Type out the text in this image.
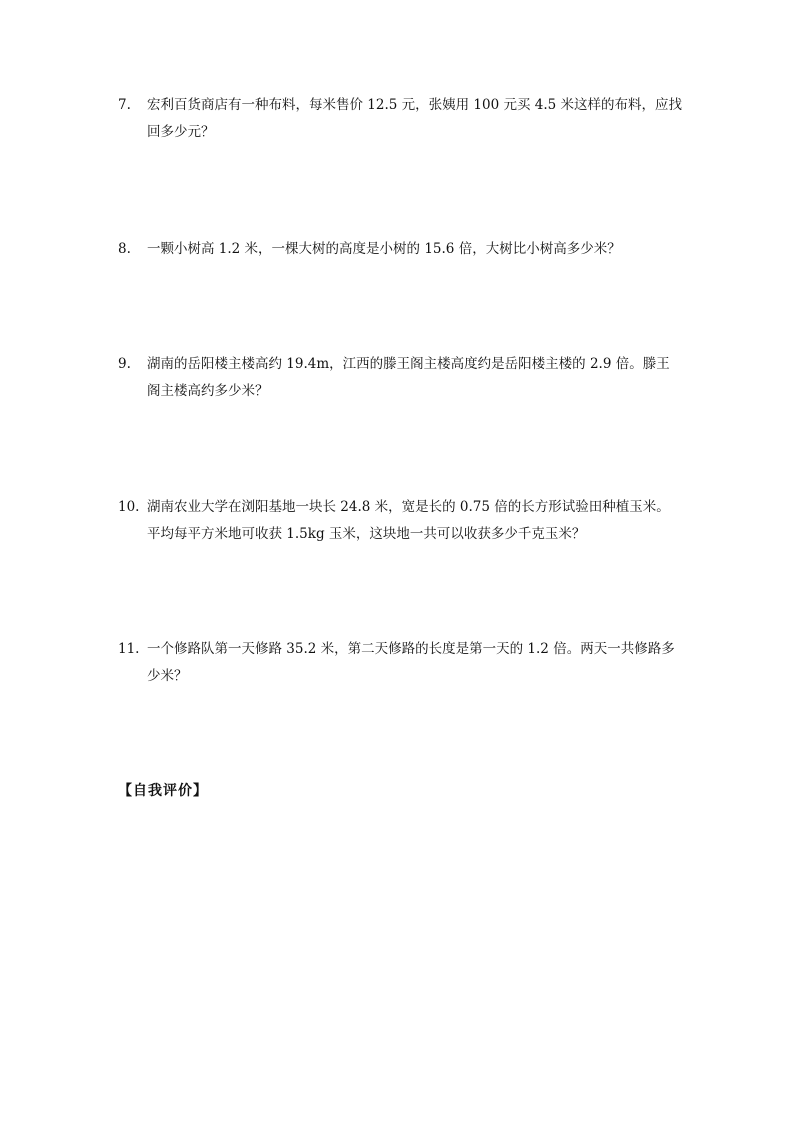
7.	宏利百货商店有一种布料，每米售价 12.5 元，张姨用 100 元买 4.5 米这样的布料，应找
回多少元？
8.	一颗小树高 1.2 米，一棵大树的高度是小树的 15.6 倍，大树比小树高多少米？
9.	湖南的岳阳楼主楼高约 19.4m，江西的滕王阁主楼高度约是岳阳楼主楼的 2.9 倍。滕王
阁主楼高约多少米？
10. 湖南农业大学在浏阳基地一块长 24.8 米，宽是长的 0.75 倍的长方形试验田种植玉米。
平均每平方米地可收获 1.5kg 玉米，这块地一共可以收获多少千克玉米？
11. 一个修路队第一天修路 35.2 米，第二天修路的长度是第一天的 1.2 倍。两天一共修路多
少米？
【自我评价】
